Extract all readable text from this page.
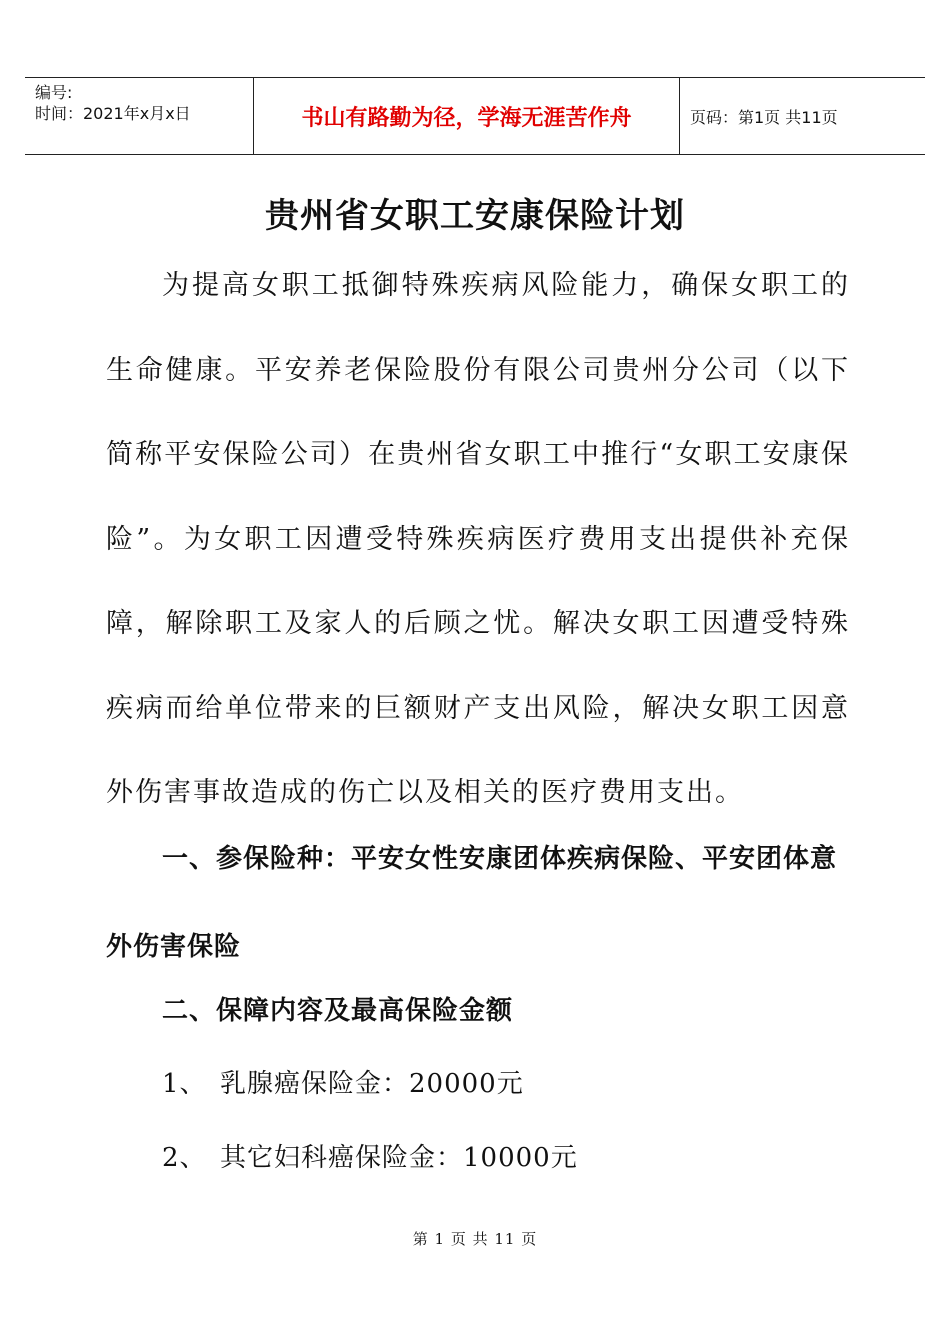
编号:
时间：2021年x月x日	书山有路勤为径，学海无涯苦作舟	页码：第1页 共11页
贵州省女职工安康保险计划

为提高女职工抵御特殊疾病风险能力，确保女职工的生命健康。平安养老保险股份有限公司贵州分公司（以下简称平安保险公司）在贵州省女职工中推行“女职工安康保险”。为女职工因遭受特殊疾病医疗费用支出提供补充保障，解除职工及家人的后顾之忧。解决女职工因遭受特殊疾病而给单位带来的巨额财产支出风险，解决女职工因意外伤害事故造成的伤亡以及相关的医疗费用支出。

一、参保险种：平安女性安康团体疾病保险、平安团体意外伤害保险

二、保障内容及最高保险金额

1、 乳腺癌保险金：20000元

2、 其它妇科癌保险金：10000元

第 1 页 共 11 页
